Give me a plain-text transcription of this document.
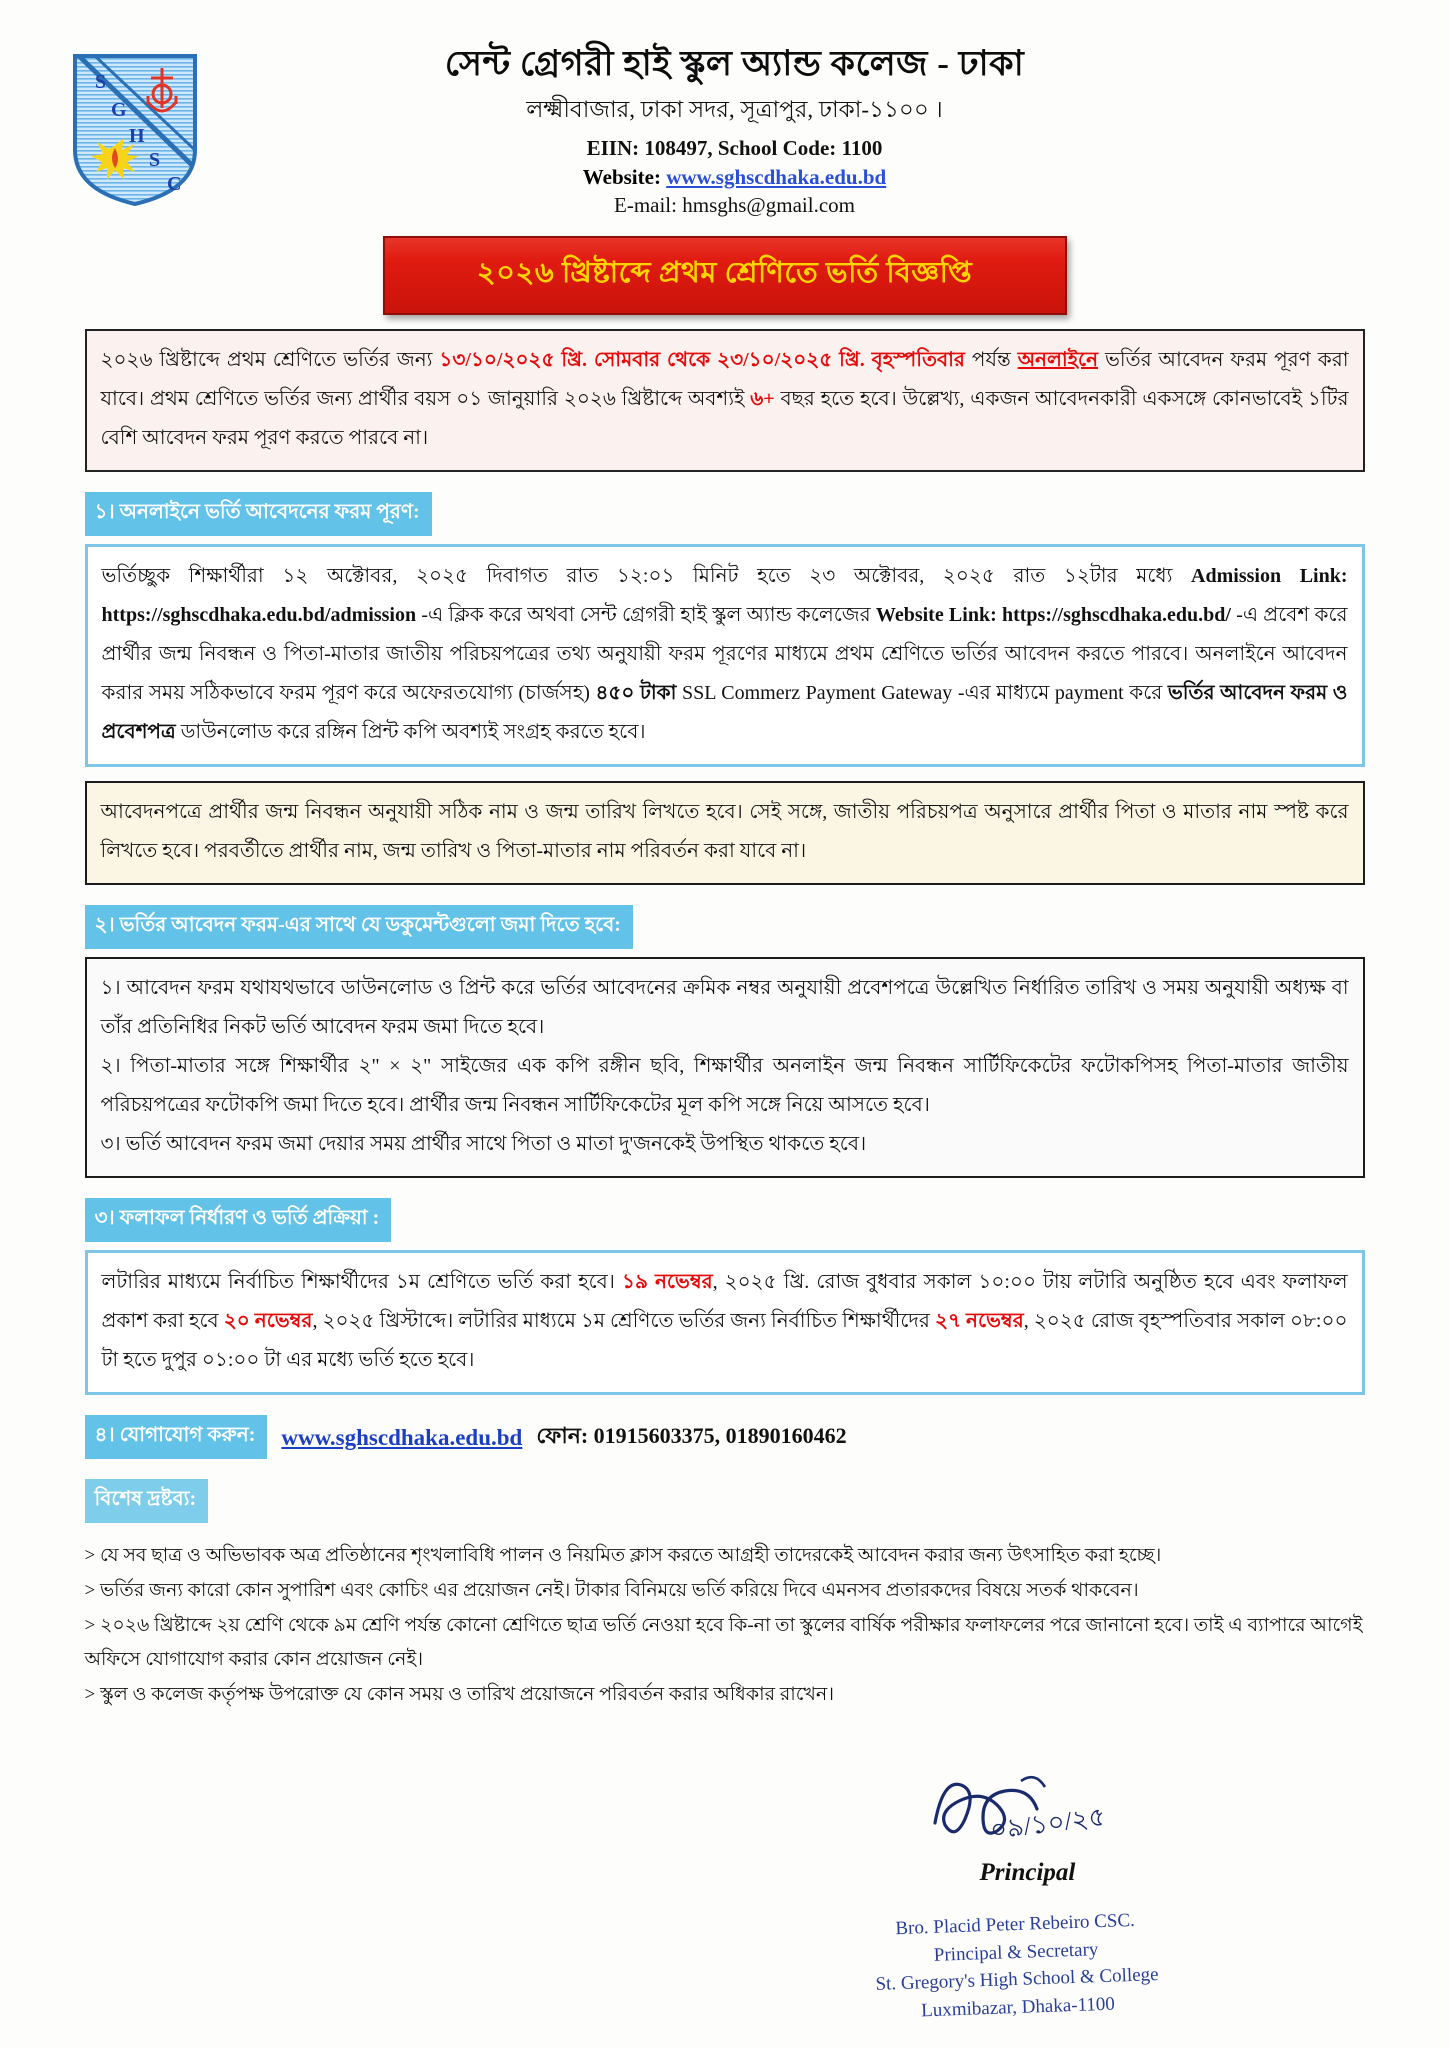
S
G
H
S
C
সেন্ট গ্রেগরী হাই স্কুল অ্যান্ড কলেজ - ঢাকা
লক্ষ্মীবাজার, ঢাকা সদর, সূত্রাপুর, ঢাকা-১১০০ ।
EIIN: 108497, School Code: 1100
Website: www.sghscdhaka.edu.bd
E-mail: hmsghs@gmail.com
২০২৬ খ্রিষ্টাব্দে প্রথম শ্রেণিতে ভর্তি বিজ্ঞপ্তি
২০২৬ খ্রিষ্টাব্দে প্রথম শ্রেণিতে ভর্তির জন্য ১৩/১০/২০২৫ খ্রি. সোমবার থেকে ২৩/১০/২০২৫ খ্রি. বৃহস্পতিবার পর্যন্ত অনলাইনে ভর্তির আবেদন ফরম পূরণ করা যাবে। প্রথম শ্রেণিতে ভর্তির জন্য প্রার্থীর বয়স ০১ জানুয়ারি ২০২৬ খ্রিষ্টাব্দে অবশ্যই ৬+ বছর হতে হবে। উল্লেখ্য, একজন আবেদনকারী একসঙ্গে কোনভাবেই ১টির বেশি আবেদন ফরম পূরণ করতে পারবে না।
১। অনলাইনে ভর্তি আবেদনের ফরম পূরণ:
ভর্তিচ্ছুক শিক্ষার্থীরা ১২ অক্টোবর, ২০২৫ দিবাগত রাত ১২:০১ মিনিট হতে ২৩ অক্টোবর, ২০২৫ রাত ১২টার মধ্যে Admission Link: https://sghscdhaka.edu.bd/admission -এ ক্লিক করে অথবা সেন্ট গ্রেগরী হাই স্কুল অ্যান্ড কলেজের Website Link: https://sghscdhaka.edu.bd/ -এ প্রবেশ করে প্রার্থীর জন্ম নিবন্ধন ও পিতা-মাতার জাতীয় পরিচয়পত্রের তথ্য অনুযায়ী ফরম পূরণের মাধ্যমে প্রথম শ্রেণিতে ভর্তির আবেদন করতে পারবে। অনলাইনে আবেদন করার সময় সঠিকভাবে ফরম পূরণ করে অফেরতযোগ্য (চার্জসহ) ৪৫০ টাকা SSL Commerz Payment Gateway -এর মাধ্যমে payment করে ভর্তির আবেদন ফরম ও প্রবেশপত্র ডাউনলোড করে রঙ্গিন প্রিন্ট কপি অবশ্যই সংগ্রহ করতে হবে।
আবেদনপত্রে প্রার্থীর জন্ম নিবন্ধন অনুযায়ী সঠিক নাম ও জন্ম তারিখ লিখতে হবে। সেই সঙ্গে, জাতীয় পরিচয়পত্র অনুসারে প্রার্থীর পিতা ও মাতার নাম স্পষ্ট করে লিখতে হবে। পরবর্তীতে প্রার্থীর নাম, জন্ম তারিখ ও পিতা-মাতার নাম পরিবর্তন করা যাবে না।
২। ভর্তির আবেদন ফরম-এর সাথে যে ডকুমেন্টগুলো জমা দিতে হবে:
১। আবেদন ফরম যথাযথভাবে ডাউনলোড ও প্রিন্ট করে ভর্তির আবেদনের ক্রমিক নম্বর অনুযায়ী প্রবেশপত্রে উল্লেখিত নির্ধারিত তারিখ ও সময় অনুযায়ী অধ্যক্ষ বা তাঁর প্রতিনিধির নিকট ভর্তি আবেদন ফরম জমা দিতে হবে।
২। পিতা-মাতার সঙ্গে শিক্ষার্থীর ২" × ২" সাইজের এক কপি রঙ্গীন ছবি, শিক্ষার্থীর অনলাইন জন্ম নিবন্ধন সার্টিফিকেটের ফটোকপিসহ পিতা-মাতার জাতীয় পরিচয়পত্রের ফটোকপি জমা দিতে হবে। প্রার্থীর জন্ম নিবন্ধন সার্টিফিকেটের মূল কপি সঙ্গে নিয়ে আসতে হবে।
৩। ভর্তি আবেদন ফরম জমা দেয়ার সময় প্রার্থীর সাথে পিতা ও মাতা দু'জনকেই উপস্থিত থাকতে হবে।
৩। ফলাফল নির্ধারণ ও ভর্তি প্রক্রিয়া :
লটারির মাধ্যমে নির্বাচিত শিক্ষার্থীদের ১ম শ্রেণিতে ভর্তি করা হবে। ১৯ নভেম্বর, ২০২৫ খ্রি. রোজ বুধবার সকাল ১০:০০ টায় লটারি অনুষ্ঠিত হবে এবং ফলাফল প্রকাশ করা হবে ২০ নভেম্বর, ২০২৫ খ্রিস্টাব্দে। লটারির মাধ্যমে ১ম শ্রেণিতে ভর্তির জন্য নির্বাচিত শিক্ষার্থীদের ২৭ নভেম্বর, ২০২৫ রোজ বৃহস্পতিবার সকাল ০৮:০০ টা হতে দুপুর ০১:০০ টা এর মধ্যে ভর্তি হতে হবে।
৪। যোগাযোগ করুন:	www.sghscdhaka.edu.bd ফোন: 01915603375, 01890160462
বিশেষ দ্রষ্টব্য:
> যে সব ছাত্র ও অভিভাবক অত্র প্রতিষ্ঠানের শৃংখলাবিধি পালন ও নিয়মিত ক্লাস করতে আগ্রহী তাদেরকেই আবেদন করার জন্য উৎসাহিত করা হচ্ছে।
> ভর্তির জন্য কারো কোন সুপারিশ এবং কোচিং এর প্রয়োজন নেই। টাকার বিনিময়ে ভর্তি করিয়ে দিবে এমনসব প্রতারকদের বিষয়ে সতর্ক থাকবেন।
> ২০২৬ খ্রিষ্টাব্দে ২য় শ্রেণি থেকে ৯ম শ্রেণি পর্যন্ত কোনো শ্রেণিতে ছাত্র ভর্তি নেওয়া হবে কি-না তা স্কুলের বার্ষিক পরীক্ষার ফলাফলের পরে জানানো হবে। তাই এ ব্যাপারে আগেই অফিসে যোগাযোগ করার কোন প্রয়োজন নেই।
> স্কুল ও কলেজ কর্তৃপক্ষ উপরোক্ত যে কোন সময় ও তারিখ প্রয়োজনে পরিবর্তন করার অধিকার রাখেন।
০৯/১০/২৫
Principal
Bro. Placid Peter Rebeiro CSC.
Principal & Secretary
St. Gregory's High School & College
Luxmibazar, Dhaka-1100
